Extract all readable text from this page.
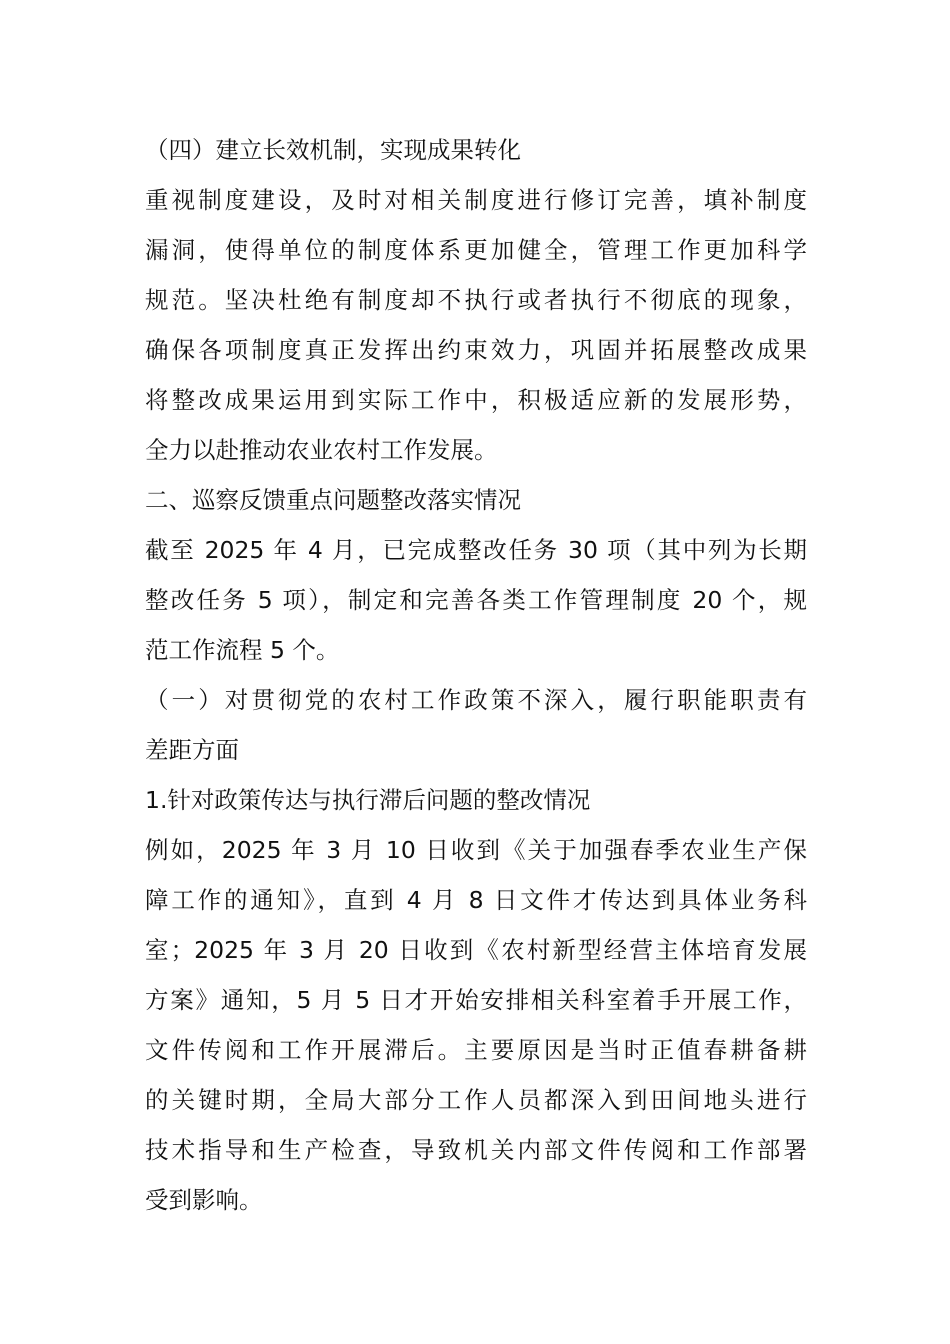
（四）建立长效机制，实现成果转化
重视制度建设，及时对相关制度进行修订完善，填补制度
漏洞，使得单位的制度体系更加健全，管理工作更加科学
规范。坚决杜绝有制度却不执行或者执行不彻底的现象，
确保各项制度真正发挥出约束效力，巩固并拓展整改成果
将整改成果运用到实际工作中，积极适应新的发展形势，
全力以赴推动农业农村工作发展。
二、巡察反馈重点问题整改落实情况
截至 2025 年 4 月，已完成整改任务 30 项（其中列为长期
整改任务 5 项），制定和完善各类工作管理制度 20 个，规
范工作流程 5 个。
（一）对贯彻党的农村工作政策不深入，履行职能职责有
差距方面
1.针对政策传达与执行滞后问题的整改情况
例如，2025 年 3 月 10 日收到《关于加强春季农业生产保
障工作的通知》，直到 4 月 8 日文件才传达到具体业务科
室；2025 年 3 月 20 日收到《农村新型经营主体培育发展
方案》通知，5 月 5 日才开始安排相关科室着手开展工作，
文件传阅和工作开展滞后。主要原因是当时正值春耕备耕
的关键时期，全局大部分工作人员都深入到田间地头进行
技术指导和生产检查，导致机关内部文件传阅和工作部署
受到影响。
